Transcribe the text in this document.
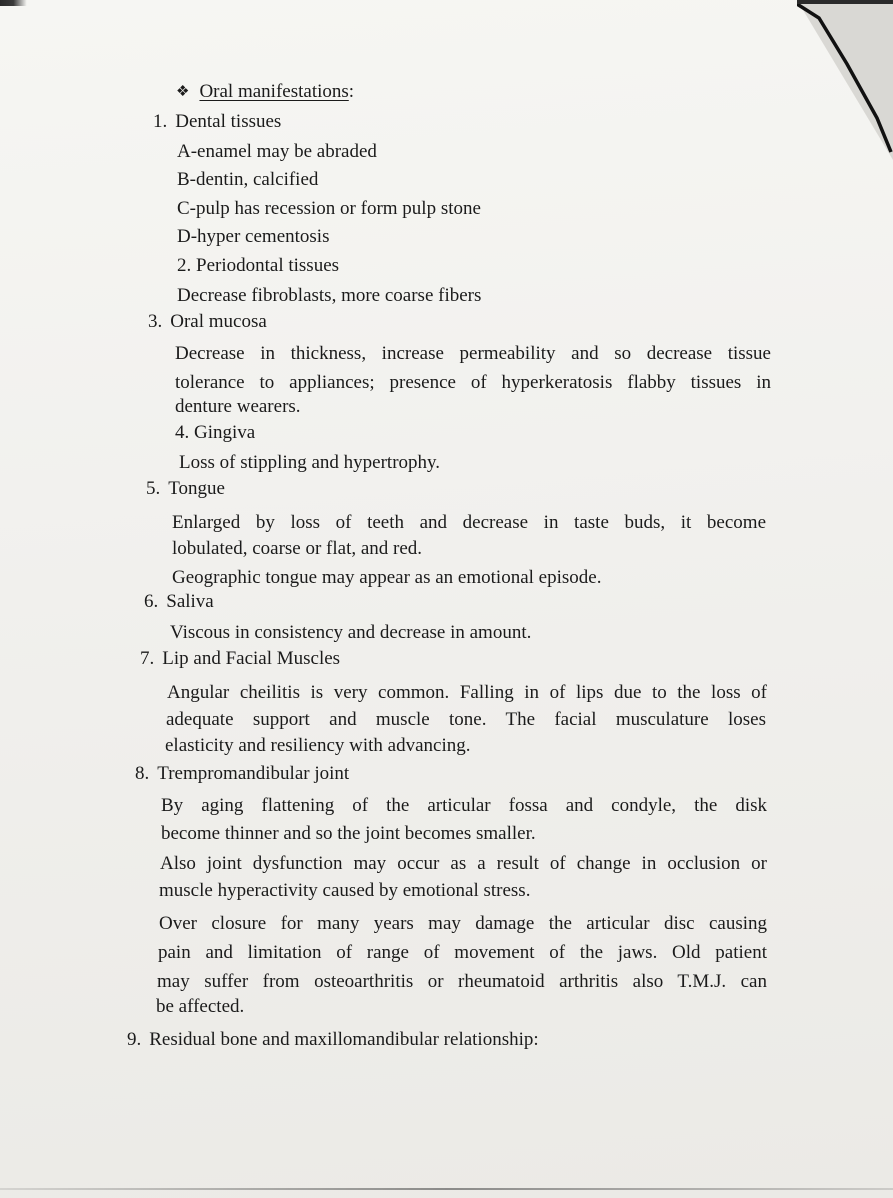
❖ Oral manifestations:
1. Dental tissues
A-enamel may be abraded
B-dentin, calcified
C-pulp has recession or form pulp stone
D-hyper cementosis
2. Periodontal tissues
Decrease fibroblasts, more coarse fibers
3. Oral mucosa
Decrease in thickness, increase permeability and so decrease tissue
tolerance to appliances; presence of hyperkeratosis flabby tissues in
denture wearers.
4. Gingiva
Loss of stippling and hypertrophy.
5. Tongue
Enlarged by loss of teeth and decrease in taste buds, it become
lobulated, coarse or flat, and red.
Geographic tongue may appear as an emotional episode.
6. Saliva
Viscous in consistency and decrease in amount.
7. Lip and Facial Muscles
Angular cheilitis is very common. Falling in of lips due to the loss of
adequate support and muscle tone. The facial musculature loses
elasticity and resiliency with advancing.
8. Trempromandibular joint
By aging flattening of the articular fossa and condyle, the disk
become thinner and so the joint becomes smaller.
Also joint dysfunction may occur as a result of change in occlusion or
muscle hyperactivity caused by emotional stress.
Over closure for many years may damage the articular disc causing
pain and limitation of range of movement of the jaws. Old patient
may suffer from osteoarthritis or rheumatoid arthritis also T.M.J. can
be affected.
9. Residual bone and maxillomandibular relationship:
